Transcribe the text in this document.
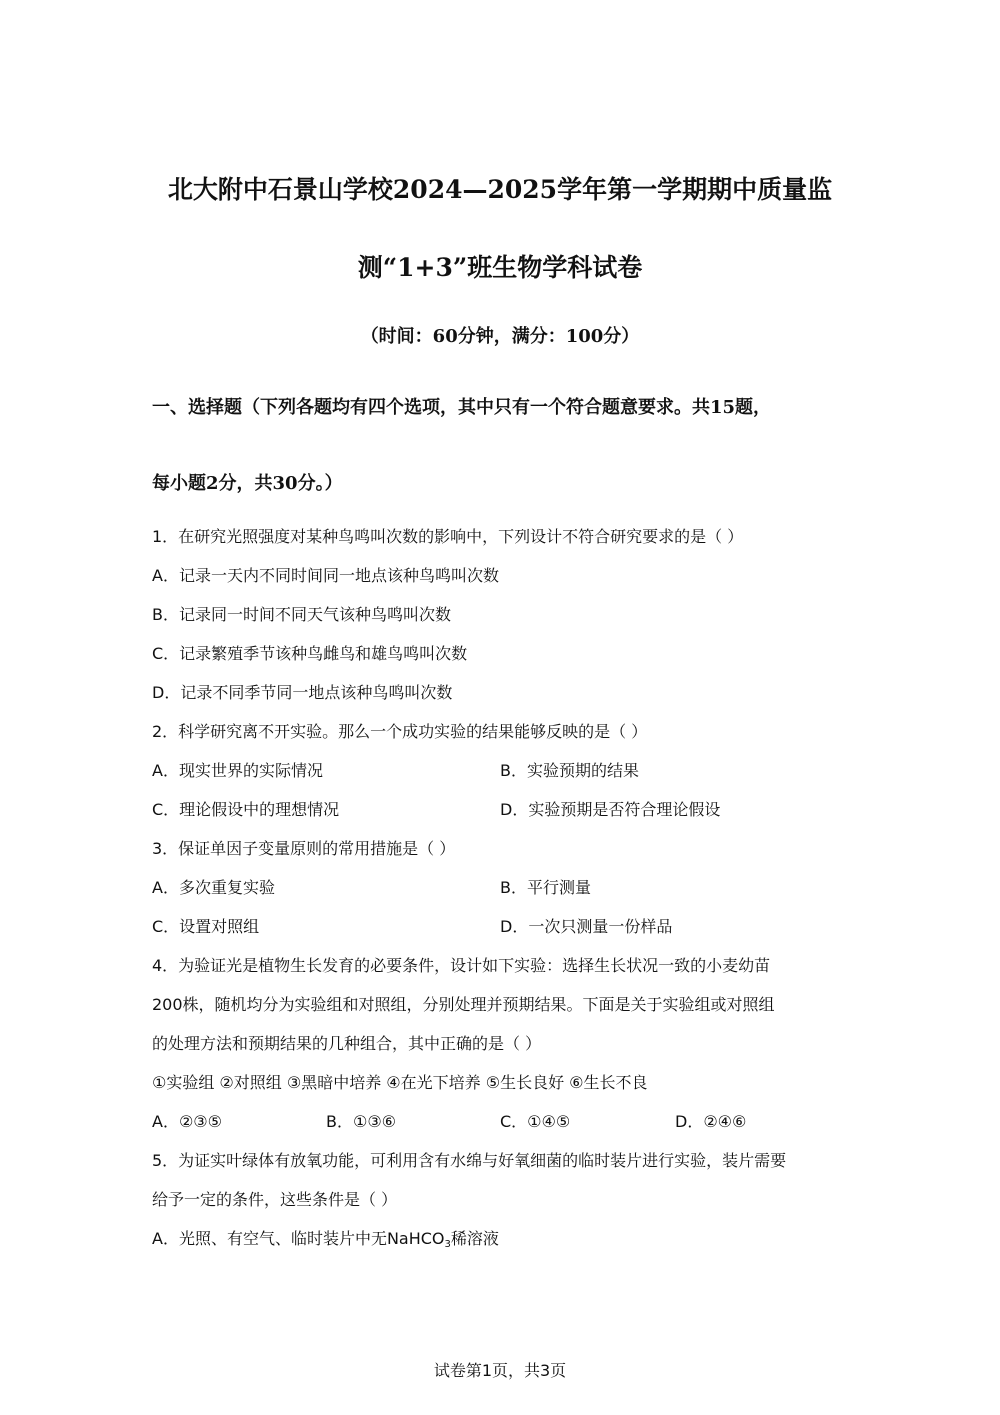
北大附中石景山学校2024—2025学年第一学期期中质量监
测“1+3”班生物学科试卷
（时间：60分钟，满分：100分）
一、选择题（下列各题均有四个选项，其中只有一个符合题意要求。共15题，
每小题2分，共30分。）
1．在研究光照强度对某种鸟鸣叫次数的影响中，下列设计不符合研究要求的是（ ）
A．记录一天内不同时间同一地点该种鸟鸣叫次数
B．记录同一时间不同天气该种鸟鸣叫次数
C．记录繁殖季节该种鸟雌鸟和雄鸟鸣叫次数
D．记录不同季节同一地点该种鸟鸣叫次数
2．科学研究离不开实验。那么一个成功实验的结果能够反映的是（ ）
A．现实世界的实际情况	B．实验预期的结果
C．理论假设中的理想情况	D．实验预期是否符合理论假设
3．保证单因子变量原则的常用措施是（ ）
A．多次重复实验	B．平行测量
C．设置对照组	D．一次只测量一份样品
4．为验证光是植物生长发育的必要条件，设计如下实验：选择生长状况一致的小麦幼苗
200株，随机均分为实验组和对照组，分别处理并预期结果。下面是关于实验组或对照组
的处理方法和预期结果的几种组合，其中正确的是（ ）
①实验组 ②对照组 ③黑暗中培养 ④在光下培养 ⑤生长良好 ⑥生长不良
A．②③⑤	B．①③⑥	C．①④⑤	D．②④⑥
5．为证实叶绿体有放氧功能，可利用含有水绵与好氧细菌的临时装片进行实验，装片需要
给予一定的条件，这些条件是（ ）
A．光照、有空气、临时装片中无NaHCO$_3$稀溶液
试卷第1页，共3页
